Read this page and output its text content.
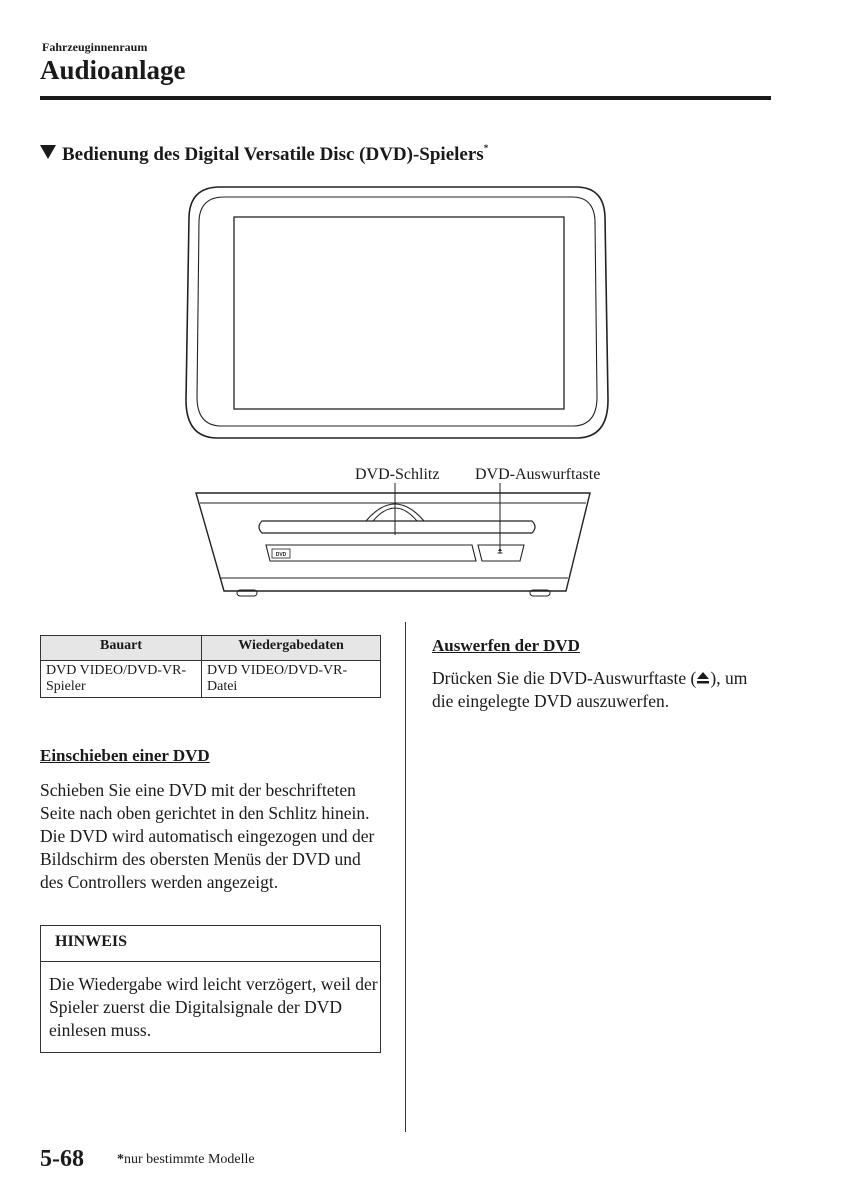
Fahrzeuginnenraum
Audioanlage
Bedienung des Digital Versatile Disc (DVD)-Spielers*
DVD
DVD-Schlitz DVD-Auswurftaste
Bauart	Wiedergabedaten
DVD VIDEO/DVD-VR-Spieler	DVD VIDEO/DVD-VR-Datei
Einschieben einer DVD
Schieben Sie eine DVD mit der beschrifteten Seite nach oben gerichtet in den Schlitz hinein. Die DVD wird automatisch eingezogen und der Bildschirm des obersten Menüs der DVD und des Controllers werden angezeigt.
HINWEIS
Die Wiedergabe wird leicht verzögert, weil der Spieler zuerst die Digitalsignale der DVD einlesen muss.
Auswerfen der DVD
Drücken Sie die DVD-Auswurftaste ( ), um die eingelegte DVD auszuwerfen.
5-68 *nur bestimmte Modelle
